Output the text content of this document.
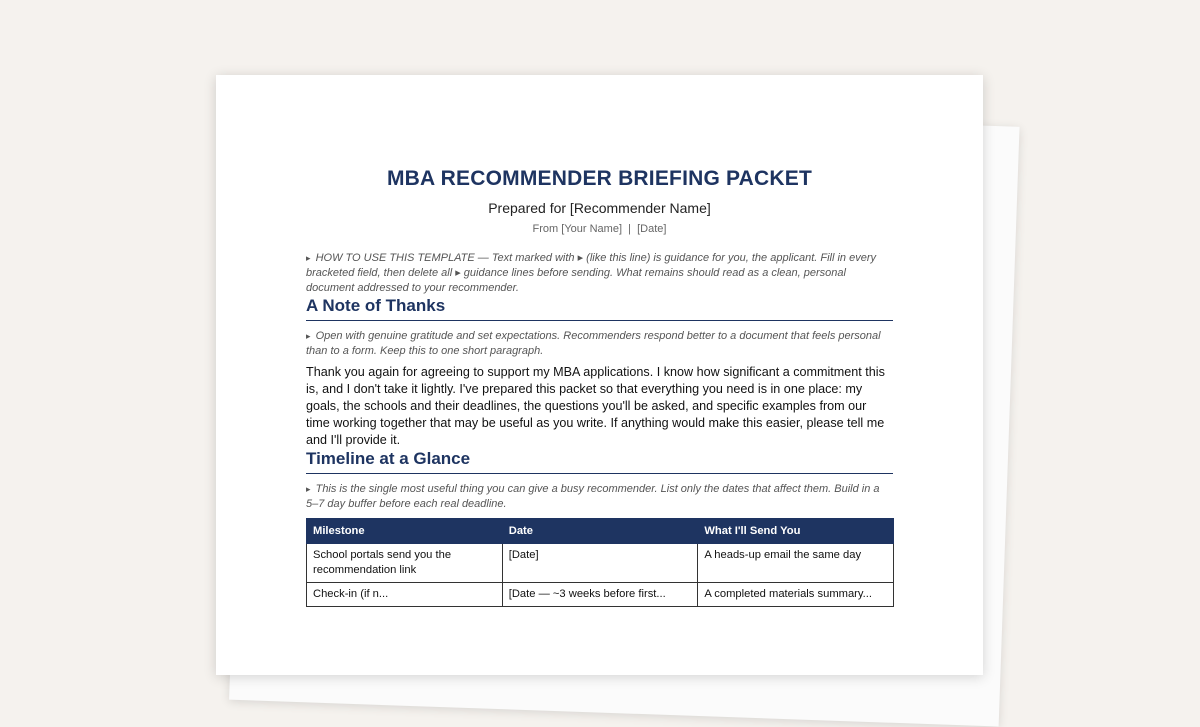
MBA RECOMMENDER BRIEFING PACKET
Prepared for [Recommender Name]
From [Your Name]  |  [Date]
▸ HOW TO USE THIS TEMPLATE — Text marked with ▸ (like this line) is guidance for you, the applicant. Fill in every bracketed field, then delete all ▸ guidance lines before sending. What remains should read as a clean, personal document addressed to your recommender.
A Note of Thanks
▸ Open with genuine gratitude and set expectations. Recommenders respond better to a document that feels personal than to a form. Keep this to one short paragraph.
Thank you again for agreeing to support my MBA applications. I know how significant a commitment this is, and I don't take it lightly. I've prepared this packet so that everything you need is in one place: my goals, the schools and their deadlines, the questions you'll be asked, and specific examples from our time working together that may be useful as you write. If anything would make this easier, please tell me and I'll provide it.
Timeline at a Glance
▸ This is the single most useful thing you can give a busy recommender. List only the dates that affect them. Build in a 5–7 day buffer before each real deadline.
Milestone	Date	What I'll Send You
School portals send you the recommendation link	[Date]	A heads-up email the same day
Check-in (if n...	[Date — ~3 weeks before first...	A completed materials summary...
